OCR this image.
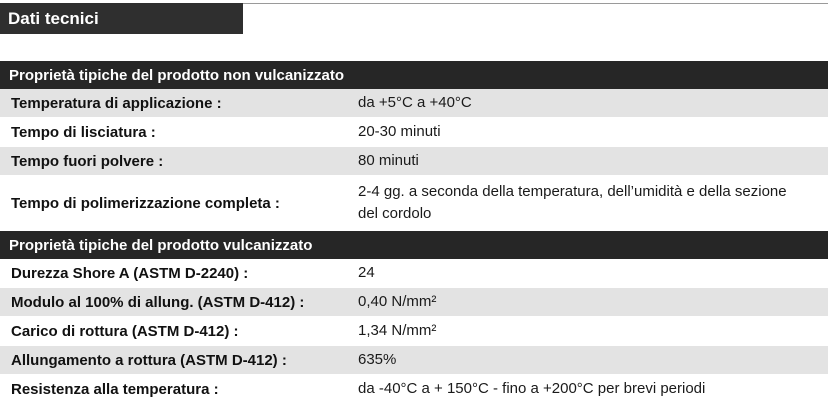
Dati tecnici
Proprietà tipiche del prodotto non vulcanizzato
Temperatura di applicazione :	da +5°C a +40°C
Tempo di lisciatura :	20-30 minuti
Tempo fuori polvere :	80 minuti
Tempo di polimerizzazione completa :
2-4 gg. a seconda della temperatura, dell’umidità e della sezione del cordolo
Proprietà tipiche del prodotto vulcanizzato
Durezza Shore A (ASTM D-2240) :	24
Modulo al 100% di allung. (ASTM D-412) :	0,40 N/mm²
Carico di rottura (ASTM D-412) :	1,34 N/mm²
Allungamento a rottura (ASTM D-412) :	635%
Resistenza alla temperatura :	da -40°C a + 150°C - fino a +200°C per brevi periodi
